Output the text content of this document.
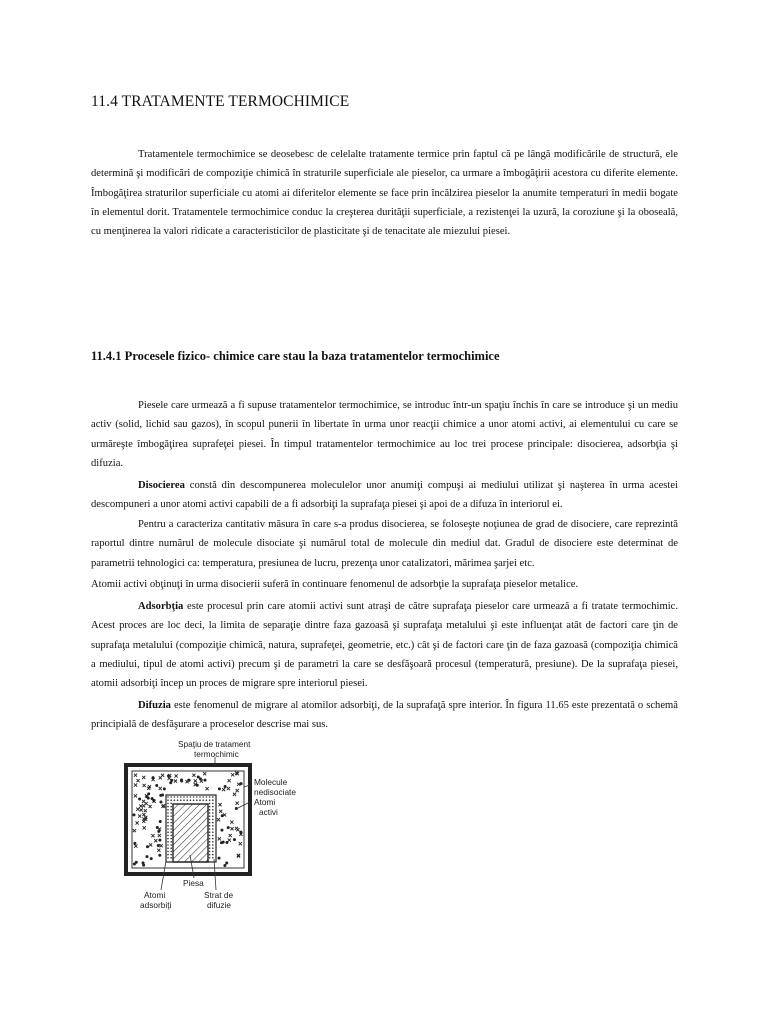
11.4 TRATAMENTE TERMOCHIMICE

Tratamentele termochimice se deosebesc de celelalte tratamente termice prin faptul că pe lângă modificările de structură, ele determină şi modificări de compoziţie chimică în straturile superficiale ale pieselor, ca urmare a îmbogăţirii acestora cu diferite elemente. Îmbogăţirea straturilor superficiale cu atomi ai diferitelor elemente se face prin încălzirea pieselor la anumite temperaturi în medii bogate în elementul dorit. Tratamentele termochimice conduc la creşterea durităţii superficiale, a rezistenţei la uzură, la coroziune şi la oboseală, cu menţinerea la valori ridicate a caracteristicilor de plasticitate şi de tenacitate ale miezului piesei.

11.4.1 Procesele fizico- chimice care stau la baza tratamentelor termochimice

Piesele care urmează a fi supuse tratamentelor termochimice, se introduc într-un spaţiu închis în care se introduce şi un mediu activ (solid, lichid sau gazos), în scopul punerii în libertate în urma unor reacţii chimice a unor atomi activi, ai elementului cu care se urmăreşte îmbogăţirea suprafeţei piesei. În timpul tratamentelor termochimice au loc trei procese principale: disocierea, adsorbţia şi difuzia.

Disocierea constă din descompunerea moleculelor unor anumiţi compuşi ai mediului utilizat şi naşterea în urma acestei descompuneri a unor atomi activi capabili de a fi adsorbiţi la suprafaţa piesei şi apoi de a difuza în interiorul ei.

Pentru a caracteriza cantitativ măsura în care s-a produs disocierea, se foloseşte noţiunea de grad de disociere, care reprezintă raportul dintre numărul de molecule disociate şi numărul total de molecule din mediul dat. Gradul de disociere este determinat de parametrii tehnologici ca: temperatura, presiunea de lucru, prezenţa unor catalizatori, mărimea şarjei etc.

Atomii activi obţinuţi în urma disocierii suferă în continuare fenomenul de adsorbţie la suprafaţa pieselor metalice.

Adsorbţia este procesul prin care atomii activi sunt atraşi de către suprafaţa pieselor care urmează a fi tratate termochimic. Acest proces are loc deci, la limita de separaţie dintre faza gazoasă şi suprafaţa metalului şi este influenţat atât de factori care ţin de suprafaţa metalului (compoziţie chimică, natura, suprafeţei, geometrie, etc.) cât şi de factori care ţin de faza gazoasă (compoziţia chimică a mediului, tipul de atomi activi) precum şi de parametri la care se desfăşoară procesul (temperatură, presiune). De la suprafaţa piesei, atomii adsorbiţi încep un proces de migrare spre interiorul piesei.

Difuzia este fenomenul de migrare al atomilor adsorbiţi, de la suprafaţă spre interior. În figura 11.65 este prezentată o schemă principială de desfăşurare a proceselor descrise mai sus.

Spaţiu de tratament
termochimic
Molecule
nedisociate
Atomi
activi
Piesa
Atomi
adsorbiţi
Strat de
difuzie
